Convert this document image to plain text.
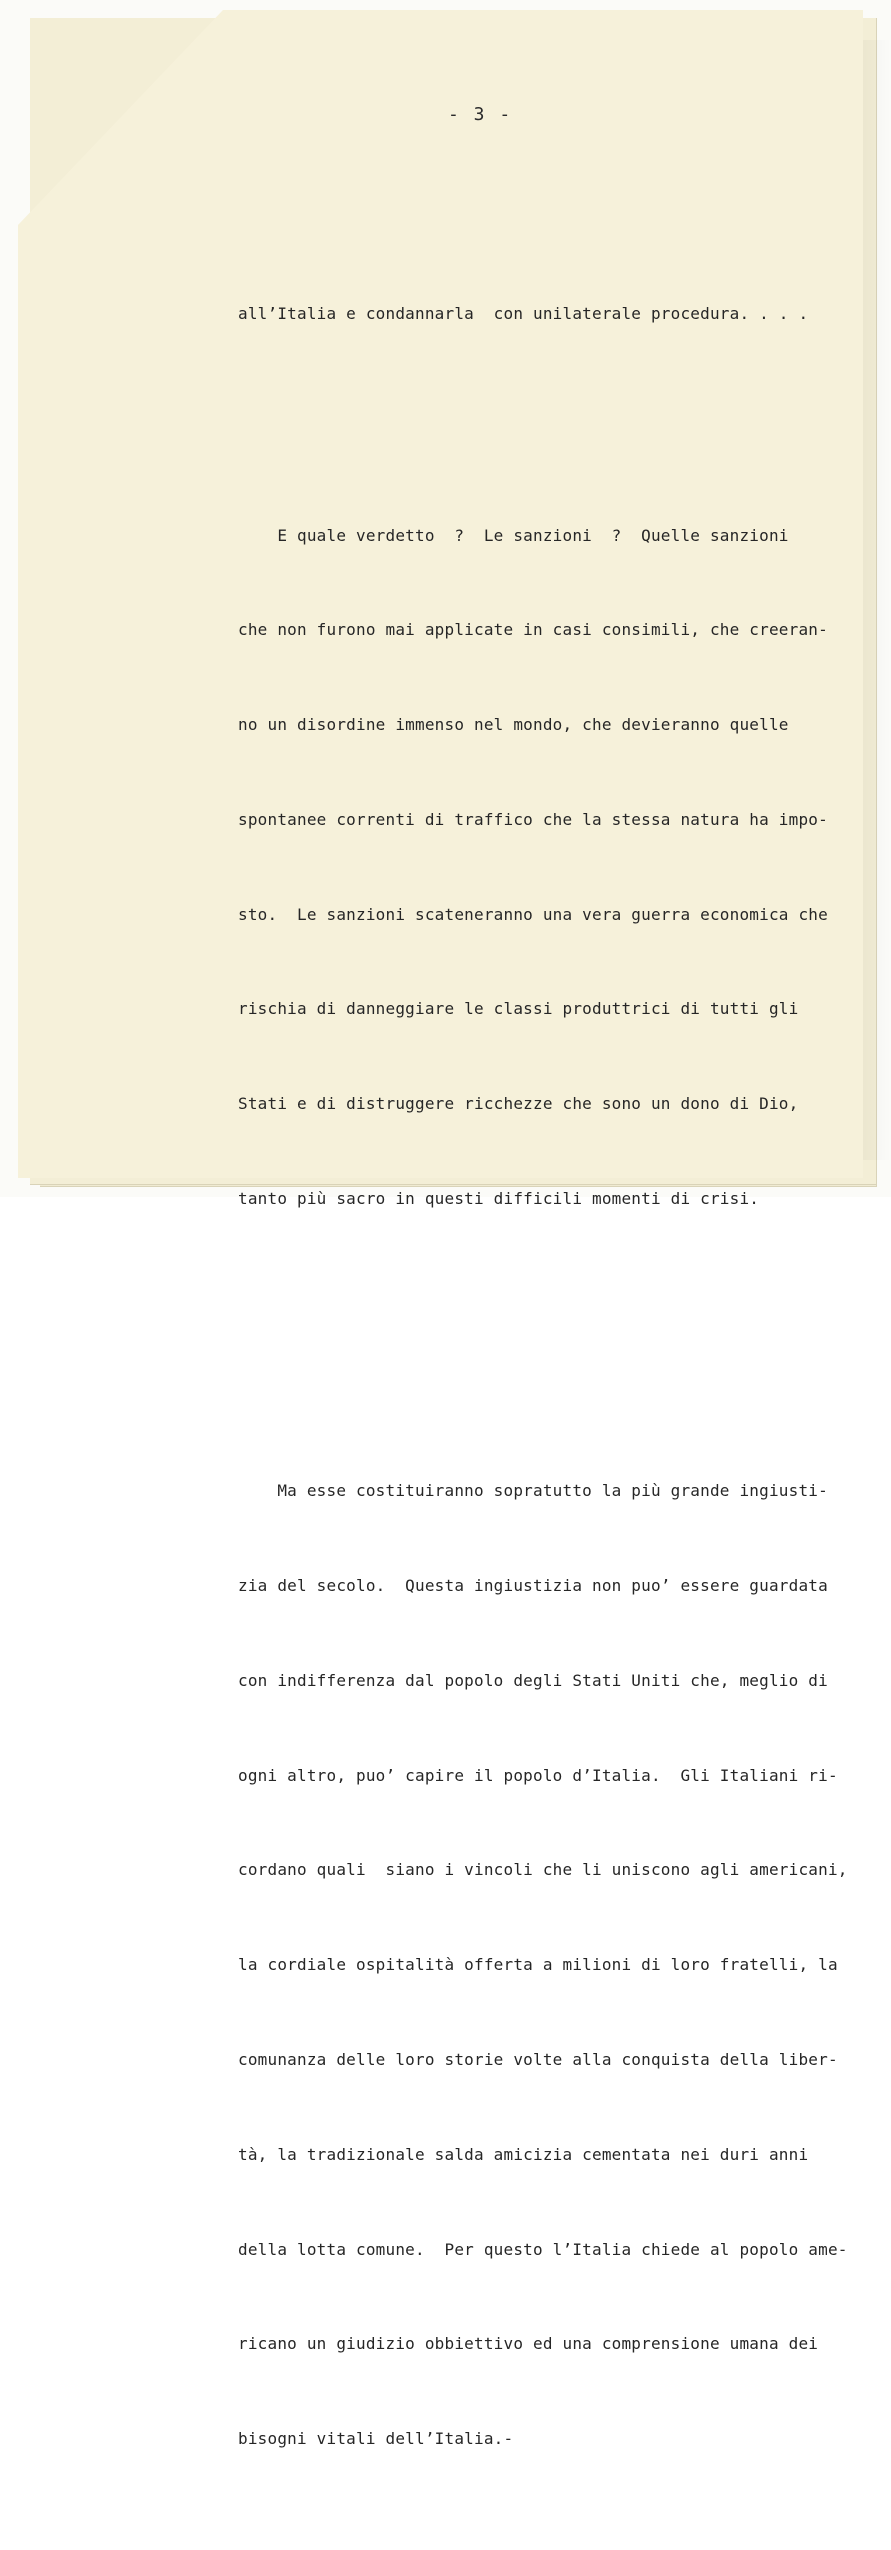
- 3 -

all’Italia e condannarla  con unilaterale procedura. . . .

E quale verdetto  ?  Le sanzioni  ?  Quelle sanzioni

che non furono mai applicate in casi consimili, che creeran-

no un disordine immenso nel mondo, che devieranno quelle

spontanee correnti di traffico che la stessa natura ha impo-

sto.  Le sanzioni scateneranno una vera guerra economica che

rischia di danneggiare le classi produttrici di tutti gli

Stati e di distruggere ricchezze che sono un dono di Dio,

tanto più sacro in questi difficili momenti di crisi.

Ma esse costituiranno sopratutto la più grande ingiusti-

zia del secolo.  Questa ingiustizia non puo’ essere guardata

con indifferenza dal popolo degli Stati Uniti che, meglio di

ogni altro, puo’ capire il popolo d’Italia.  Gli Italiani ri-

cordano quali  siano i vincoli che li uniscono agli americani,

la cordiale ospitalità offerta a milioni di loro fratelli, la

comunanza delle loro storie volte alla conquista della liber-

tà, la tradizionale salda amicizia cementata nei duri anni

della lotta comune.  Per questo l’Italia chiede al popolo ame-

ricano un giudizio obbiettivo ed una comprensione umana dei

bisogni vitali dell’Italia.-
